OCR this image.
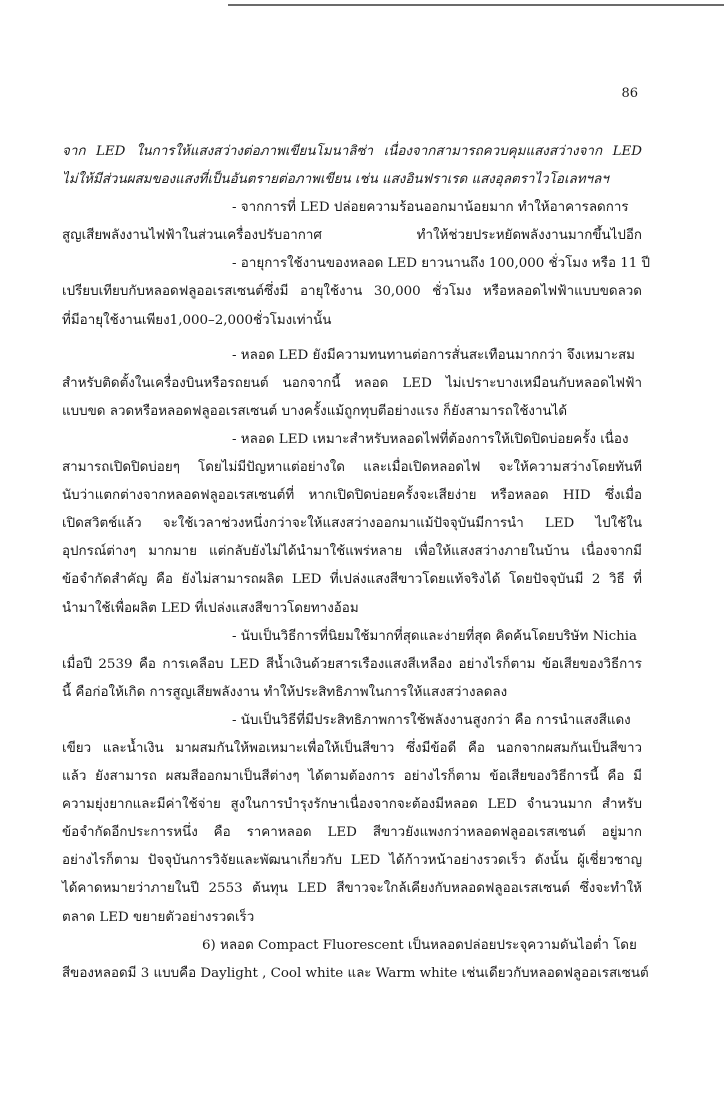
86
จาก LED ในการให้แสงสว่างต่อภาพเขียนโมนาลิซ่า เนื่องจากสามารถควบคุมแสงสว่างจาก LED
ไม่ให้มีส่วนผสมของแสงที่เป็นอันตรายต่อภาพเขียน เช่น แสงอินฟราเรด แสงอุลตราไวโอเลทฯลฯ
- จากการที่ LED ปล่อยความร้อนออกมาน้อยมาก ทำให้อาคารลดการ
สูญเสียพลังงานไฟฟ้าในส่วนเครื่องปรับอากาศ ทำให้ช่วยประหยัดพลังงานมากขึ้นไปอีก
- อายุการใช้งานของหลอด LED ยาวนานถึง 100,000 ชั่วโมง หรือ 11 ปี
เปรียบเทียบกับหลอดฟลูออเรสเซนต์ซึ่งมี อายุใช้งาน 30,000 ชั่วโมง หรือหลอดไฟฟ้าแบบขดลวด
ที่มีอายุใช้งานเพียง1,000–2,000ชั่วโมงเท่านั้น
- หลอด LED ยังมีความทนทานต่อการสั่นสะเทือนมากกว่า จึงเหมาะสม
สำหรับติดตั้งในเครื่องบินหรือรถยนต์ นอกจากนี้ หลอด LED ไม่เปราะบางเหมือนกับหลอดไฟฟ้า
แบบขด ลวดหรือหลอดฟลูออเรสเซนต์ บางครั้งแม้ถูกทุบตีอย่างแรง ก็ยังสามารถใช้งานได้
- หลอด LED เหมาะสำหรับหลอดไฟที่ต้องการให้เปิดปิดบ่อยครั้ง เนื่อง
สามารถเปิดปิดบ่อยๆ โดยไม่มีปัญหาแต่อย่างใด และเมื่อเปิดหลอดไฟ จะให้ความสว่างโดยทันที
นับว่าแตกต่างจากหลอดฟลูออเรสเซนต์ที่ หากเปิดปิดบ่อยครั้งจะเสียง่าย หรือหลอด HID ซึ่งเมื่อ
เปิดสวิตช์แล้ว จะใช้เวลาช่วงหนึ่งกว่าจะให้แสงสว่างออกมาแม้ปัจจุบันมีการนำ LED ไปใช้ใน
อุปกรณ์ต่างๆ มากมาย แต่กลับยังไม่ได้นำมาใช้แพร่หลาย เพื่อให้แสงสว่างภายในบ้าน เนื่องจากมี
ข้อจำกัดสำคัญ คือ ยังไม่สามารถผลิต LED ที่เปล่งแสงสีขาวโดยแท้จริงได้ โดยปัจจุบันมี 2 วิธี ที่
นำมาใช้เพื่อผลิต LED ที่เปล่งแสงสีขาวโดยทางอ้อม
- นับเป็นวิธีการที่นิยมใช้มากที่สุดและง่ายที่สุด คิดค้นโดยบริษัท Nichia
เมื่อปี 2539 คือ การเคลือบ LED สีน้ำเงินด้วยสารเรืองแสงสีเหลือง อย่างไรก็ตาม ข้อเสียของวิธีการ
นี้ คือก่อให้เกิด การสูญเสียพลังงาน ทำให้ประสิทธิภาพในการให้แสงสว่างลดลง
- นับเป็นวิธีที่มีประสิทธิภาพการใช้พลังงานสูงกว่า คือ การนำแสงสีแดง
เขียว และน้ำเงิน มาผสมกันให้พอเหมาะเพื่อให้เป็นสีขาว ซึ่งมีข้อดี คือ นอกจากผสมกันเป็นสีขาว
แล้ว ยังสามารถ ผสมสีออกมาเป็นสีต่างๆ ได้ตามต้องการ อย่างไรก็ตาม ข้อเสียของวิธีการนี้ คือ มี
ความยุ่งยากและมีค่าใช้จ่าย สูงในการบำรุงรักษาเนื่องจากจะต้องมีหลอด LED จำนวนมาก สำหรับ
ข้อจำกัดอีกประการหนึ่ง คือ ราคาหลอด LED สีขาวยังแพงกว่าหลอดฟลูออเรสเซนต์ อยู่มาก
อย่างไรก็ตาม ปัจจุบันการวิจัยและพัฒนาเกี่ยวกับ LED ได้ก้าวหน้าอย่างรวดเร็ว ดังนั้น ผู้เชี่ยวชาญ
ได้คาดหมายว่าภายในปี 2553 ต้นทุน LED สีขาวจะใกล้เคียงกับหลอดฟลูออเรสเซนต์ ซึ่งจะทำให้
ตลาด LED ขยายตัวอย่างรวดเร็ว
6) หลอด Compact Fluorescent เป็นหลอดปล่อยประจุความดันไอต่ำ โดย
สีของหลอดมี 3 แบบคือ Daylight , Cool white และ Warm white เช่นเดียวกับหลอดฟลูออเรสเซนต์
